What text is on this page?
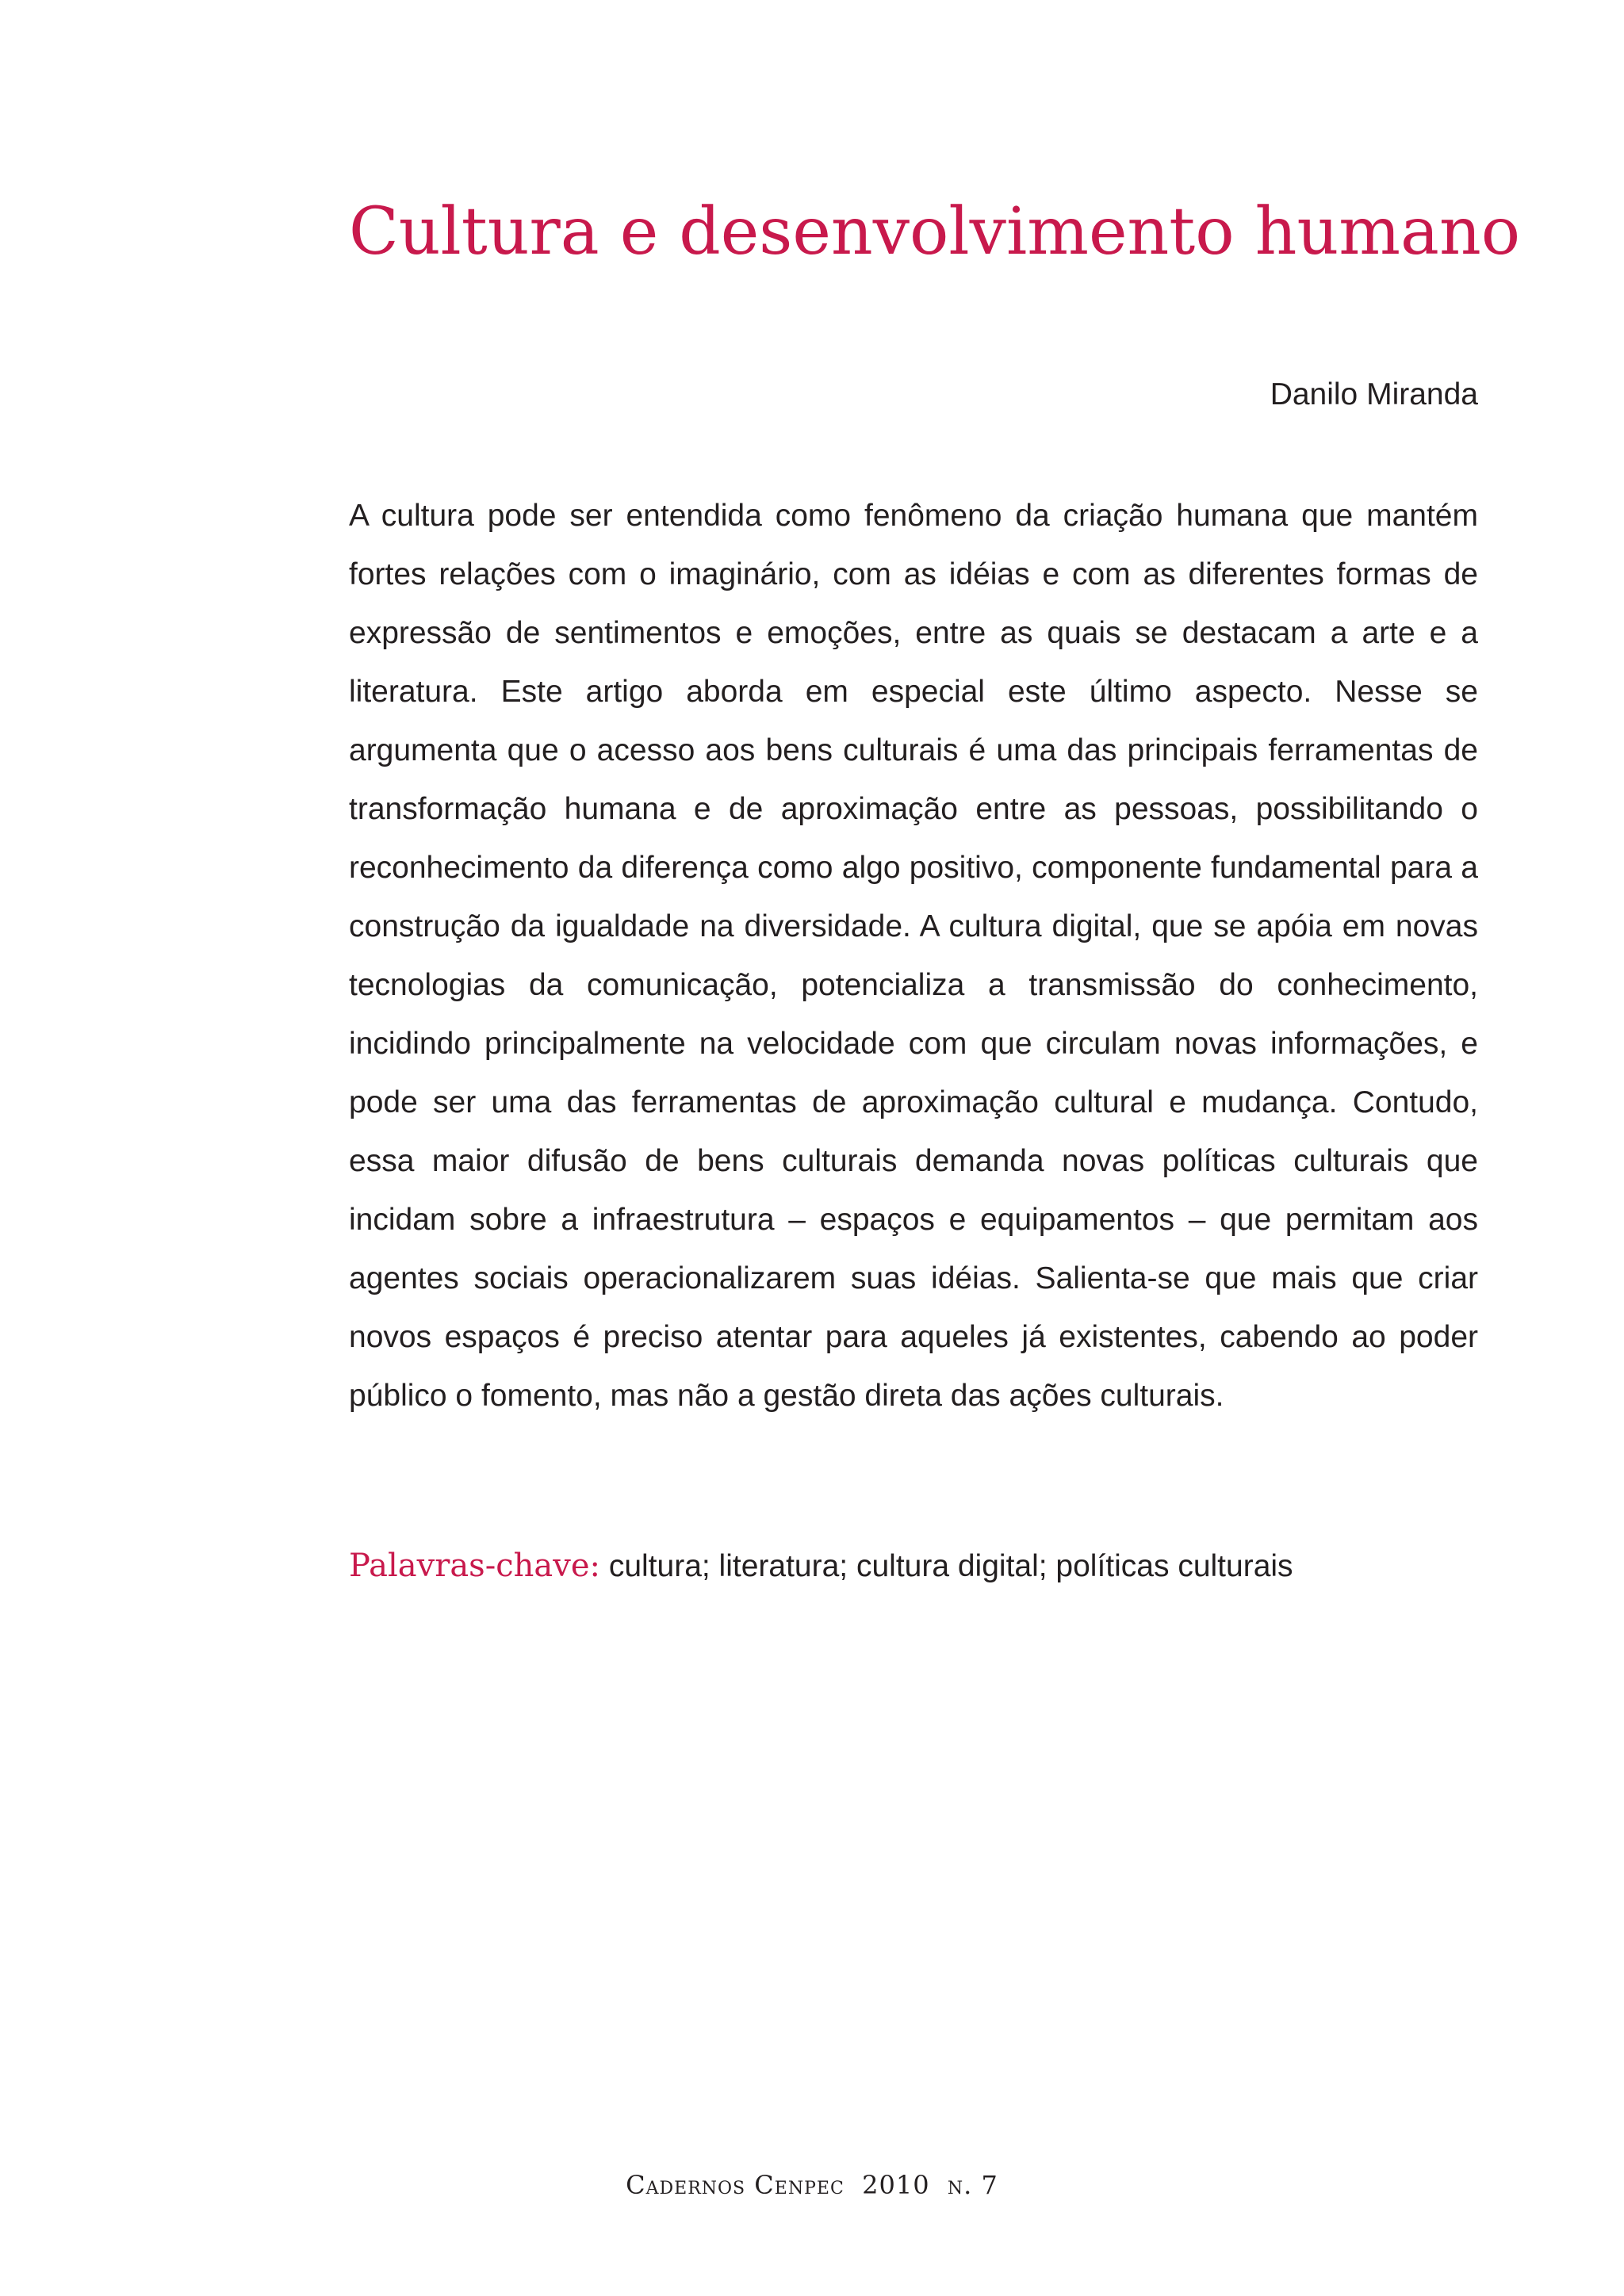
Cultura e desenvolvimento humano
Danilo Miranda

A cultura pode ser entendida como fenômeno da criação humana que mantém fortes relações com o imaginário, com as idéias e com as diferentes formas de expressão de sentimentos e emoções, entre as quais se destacam a arte e a literatura. Este artigo aborda em especial este último aspecto. Nesse se argumenta que o acesso aos bens culturais é uma das principais ferramentas de transformação humana e de aproximação entre as pessoas, possibilitando o reconhecimento da diferença como algo positivo, componente fundamental para a construção da igualdade na diversidade. A cultura digital, que se apóia em novas tecnologias da comunicação, potencializa a transmissão do conhecimento, incidindo principalmente na velocidade com que circulam novas informações, e pode ser uma das ferramentas de aproximação cultural e mudança. Contudo, essa maior difusão de bens culturais demanda novas políticas culturais que incidam sobre a infraestrutura – espaços e equipamentos – que permitam aos agentes sociais operacionalizarem suas idéias. Salienta-se que mais que criar novos espaços é preciso atentar para aqueles já existentes, cabendo ao poder público o fomento, mas não a gestão direta das ações culturais.

Palavras-chave: cultura; literatura; cultura digital; políticas culturais

Cadernos Cenpec 2010 n. 7
